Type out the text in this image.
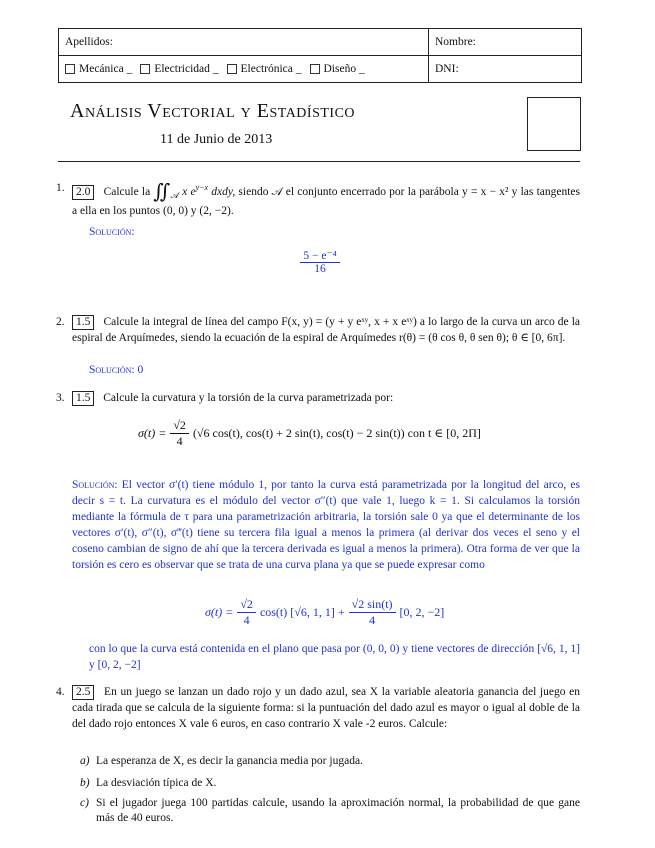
Apellidos:	Nombre:
Mecánica _ Electricidad _ Electrónica _ Diseño _	DNI:
Análisis Vectorial y Estadístico
11 de Junio de 2013
1. 2.0 Calcule la $∬_𝒜$ x $e^{y-x}$ dxdy, siendo 𝒜 el conjunto encerrado por la parábola y = x − x² y las tangentes a ella en los puntos (0, 0) y (2, −2).
Solución:
$\frac{\text{5 − e⁻⁴}}{16}$
2. 1.5 Calcule la integral de línea del campo F(x, y) = (y + y eˣʸ, x + x eˣʸ) a lo largo de la curva un arco de la espiral de Arquímedes, siendo la ecuación de la espiral de Arquímedes r(θ) = (θ cos θ, θ sen θ); θ ∈ [0, 6π].
Solución: 0
3. 1.5 Calcule la curvatura y la torsión de la curva parametrizada por:
$\sigma(t) = \frac{√2}{4} (√6$ cos(t), cos(t) + 2 sin(t), cos(t) − 2 sin(t)) con t ∈ [0, 2Π]
Solución: El vector σ′(t) tiene módulo 1, por tanto la curva está parametrizada por la longitud del arco, es decir s = t. La curvatura es el módulo del vector σ″(t) que vale 1, luego k = 1. Si calculamos la torsión mediante la fórmula de τ para una parametrización arbitraria, la torsión sale 0 ya que el determinante de los vectores σ′(t), σ″(t), σ‴(t) tiene su tercera fila igual a menos la primera (al derivar dos veces el seno y el coseno cambian de signo de ahí que la tercera derivada es igual a menos la primera). Otra forma de ver que la torsión es cero es observar que se trata de una curva plana ya que se puede expresar como
$\sigma(t) = \frac{√2}{4} \cos(t)$ [√6, 1, $1] + \frac{√2 \sin(t)}{4} [0$, 2, −2]
con lo que la curva está contenida en el plano que pasa por (0, 0, 0) y tiene vectores de dirección [√6, 1, 1] y [0, 2, −2]
4. 2.5 En un juego se lanzan un dado rojo y un dado azul, sea X la variable aleatoria ganancia del juego en cada tirada que se calcula de la siguiente forma: si la puntuación del dado azul es mayor o igual al doble de la del dado rojo entonces X vale 6 euros, en caso contrario X vale -2 euros. Calcule:
a) La esperanza de X, es decir la ganancia media por jugada.
b) La desviación típica de X.
c) Si el jugador juega 100 partidas calcule, usando la aproximación normal, la probabilidad de que gane más de 40 euros.
